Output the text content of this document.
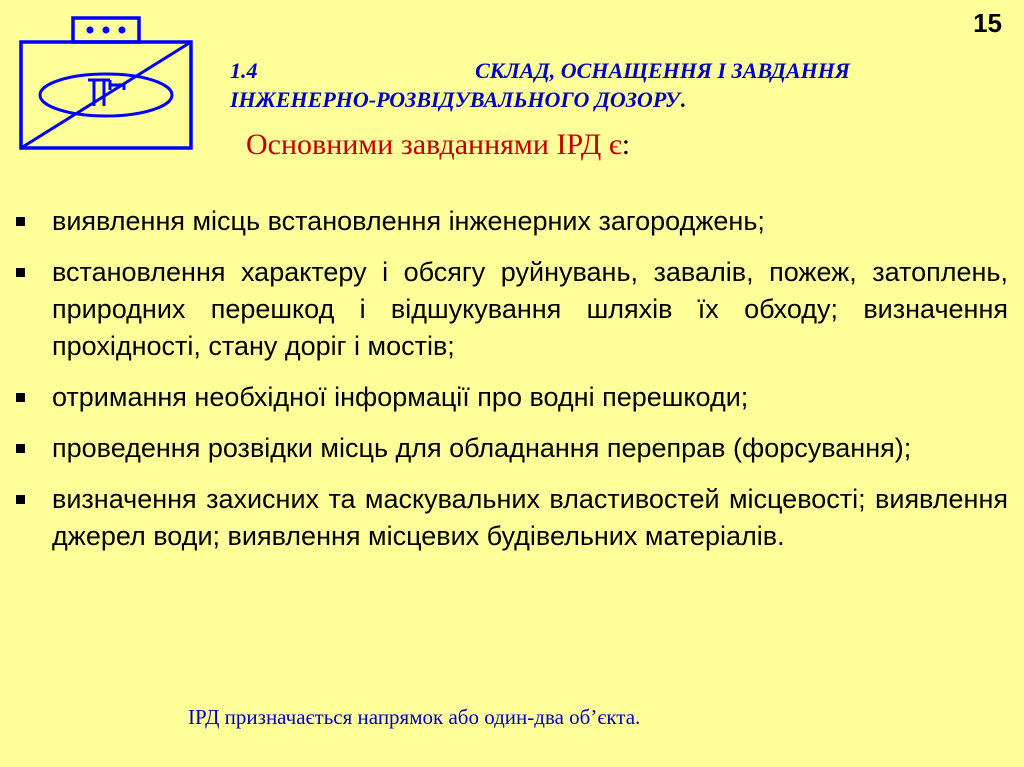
15
1.4	СКЛАД, ОСНАЩЕННЯ І ЗАВДАННЯ
ІНЖЕНЕРНО-РОЗВІДУВАЛЬНОГО ДОЗОРУ.
Основними завданнями ІРД є:
виявлення місць встановлення інженерних загороджень;
встановлення характеру і обсягу руйнувань, завалів, пожеж, затоплень, природних перешкод і відшукування шляхів їх обходу; визначення прохідності, стану доріг і мостів;
отримання необхідної інформації про водні перешкоди;
проведення розвідки місць для обладнання переправ (форсування);
визначення захисних та маскувальних властивостей місцевості; виявлення джерел води; виявлення місцевих будівельних матеріалів.
ІРД призначається напрямок або один-два об’єкта.
